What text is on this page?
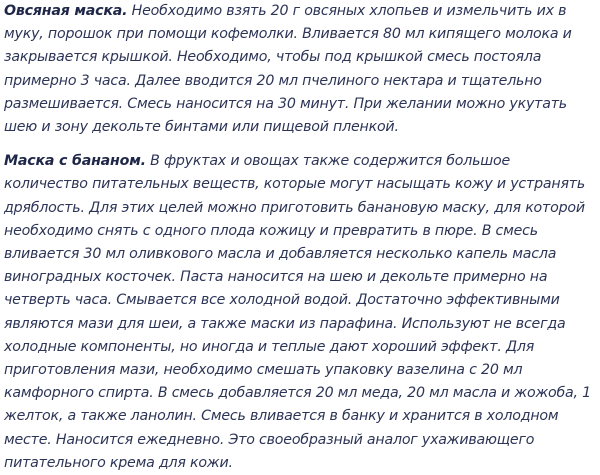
Овсяная маска. Необходимо взять 20 г овсяных хлопьев и измельчить их в муку, порошок при помощи кофемолки. Вливается 80 мл кипящего молока и закрывается крышкой. Необходимо, чтобы под крышкой смесь постояла примерно 3 часа. Далее вводится 20 мл пчелиного нектара и тщательно размешивается. Смесь наносится на 30 минут. При желании можно укутать шею и зону декольте бинтами или пищевой пленкой.

Маска с бананом. В фруктах и овощах также содержится большое количество питательных веществ, которые могут насыщать кожу и устранять дряблость. Для этих целей можно приготовить банановую маску, для которой необходимо снять с одного плода кожицу и превратить в пюре. В смесь вливается 30 мл оливкового масла и добавляется несколько капель масла виноградных косточек. Паста наносится на шею и декольте примерно на четверть часа. Смывается все холодной водой. Достаточно эффективными являются мази для шеи, а также маски из парафина. Используют не всегда холодные компоненты, но иногда и теплые дают хороший эффект. Для приготовления мази, необходимо смешать упаковку вазелина с 20 мл камфорного спирта. В смесь добавляется 20 мл меда, 20 мл масла и жожоба, 1 желток, а также ланолин. Смесь вливается в банку и хранится в холодном месте. Наносится ежедневно. Это своеобразный аналог ухаживающего питательного крема для кожи.
